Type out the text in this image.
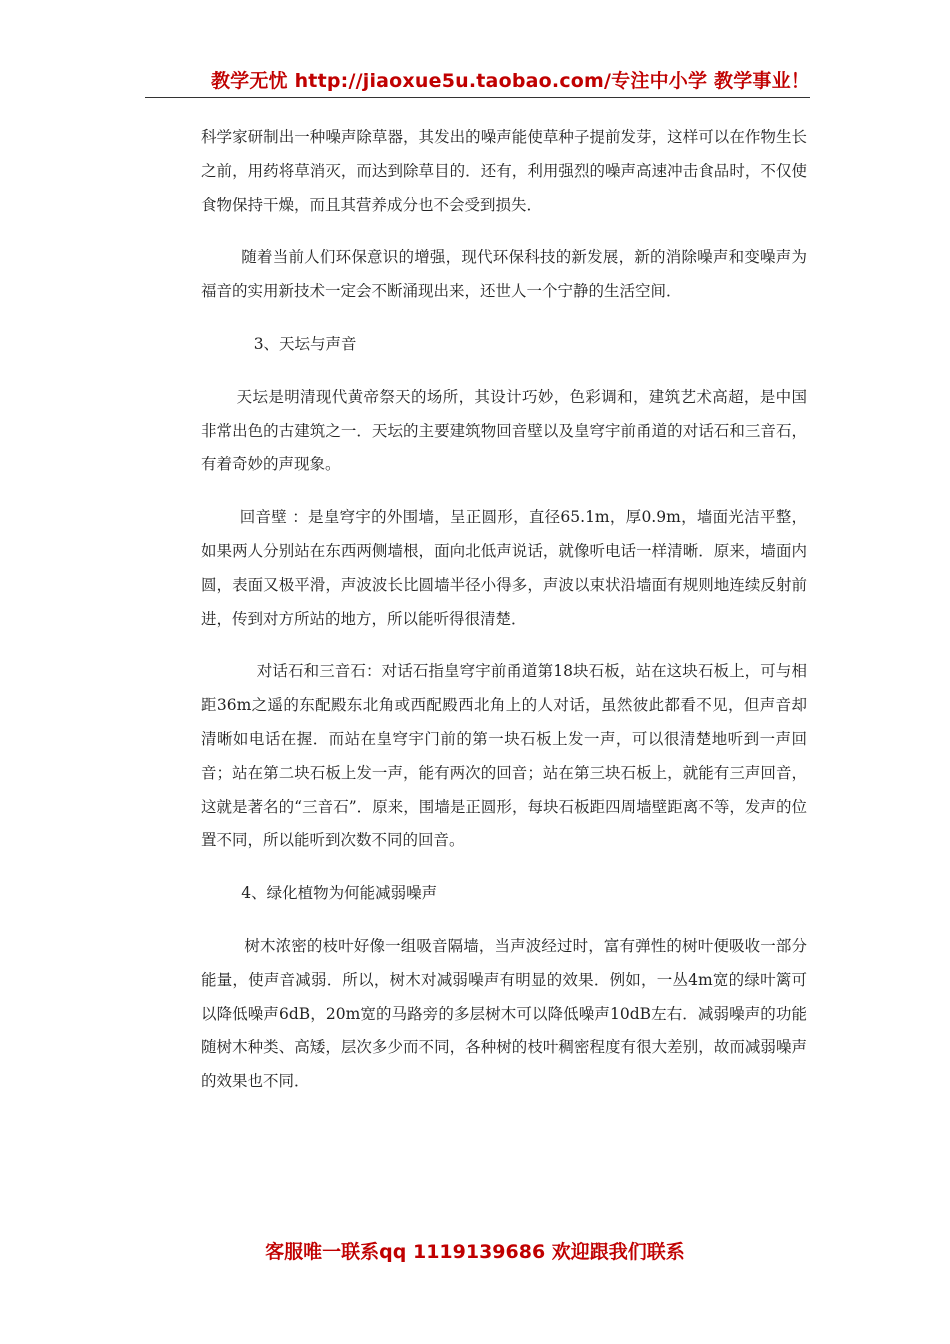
教学无忧 http://jiaoxue5u.taobao.com/专注中小学 教学事业！

科学家研制出一种噪声除草器，其发出的噪声能使草种子提前发芽，这样可以在作物生长之前，用药将草消灭，而达到除草目的．还有，利用强烈的噪声高速冲击食品时，不仅使食物保持干燥，而且其营养成分也不会受到损失．

随着当前人们环保意识的增强，现代环保科技的新发展，新的消除噪声和变噪声为福音的实用新技术一定会不断涌现出来，还世人一个宁静的生活空间．

3、天坛与声音

天坛是明清现代黄帝祭天的场所，其设计巧妙，色彩调和，建筑艺术高超，是中国非常出色的古建筑之一．天坛的主要建筑物回音壁以及皇穹宇前甬道的对话石和三音石，有着奇妙的声现象。

回音壁 ：是皇穹宇的外围墙，呈正圆形，直径65.1m，厚0.9m，墙面光洁平整，如果两人分别站在东西两侧墙根，面向北低声说话，就像听电话一样清晰．原来，墙面内圆，表面又极平滑，声波波长比圆墙半径小得多，声波以束状沿墙面有规则地连续反射前进，传到对方所站的地方，所以能听得很清楚．

对话石和三音石：对话石指皇穹宇前甬道第18块石板，站在这块石板上，可与相距36m之遥的东配殿东北角或西配殿西北角上的人对话，虽然彼此都看不见，但声音却清晰如电话在握．而站在皇穹宇门前的第一块石板上发一声，可以很清楚地听到一声回音；站在第二块石板上发一声，能有两次的回音；站在第三块石板上，就能有三声回音，这就是著名的“三音石”．原来，围墙是正圆形，每块石板距四周墙壁距离不等，发声的位置不同，所以能听到次数不同的回音。

4、绿化植物为何能减弱噪声

树木浓密的枝叶好像一组吸音隔墙，当声波经过时，富有弹性的树叶便吸收一部分能量，使声音减弱．所以，树木对减弱噪声有明显的效果．例如，一丛4m宽的绿叶篱可以降低噪声6dB，20m宽的马路旁的多层树木可以降低噪声10dB左右．减弱噪声的功能随树木种类、高矮，层次多少而不同，各种树的枝叶稠密程度有很大差别，故而减弱噪声的效果也不同．

客服唯一联系qq 1119139686 欢迎跟我们联系
